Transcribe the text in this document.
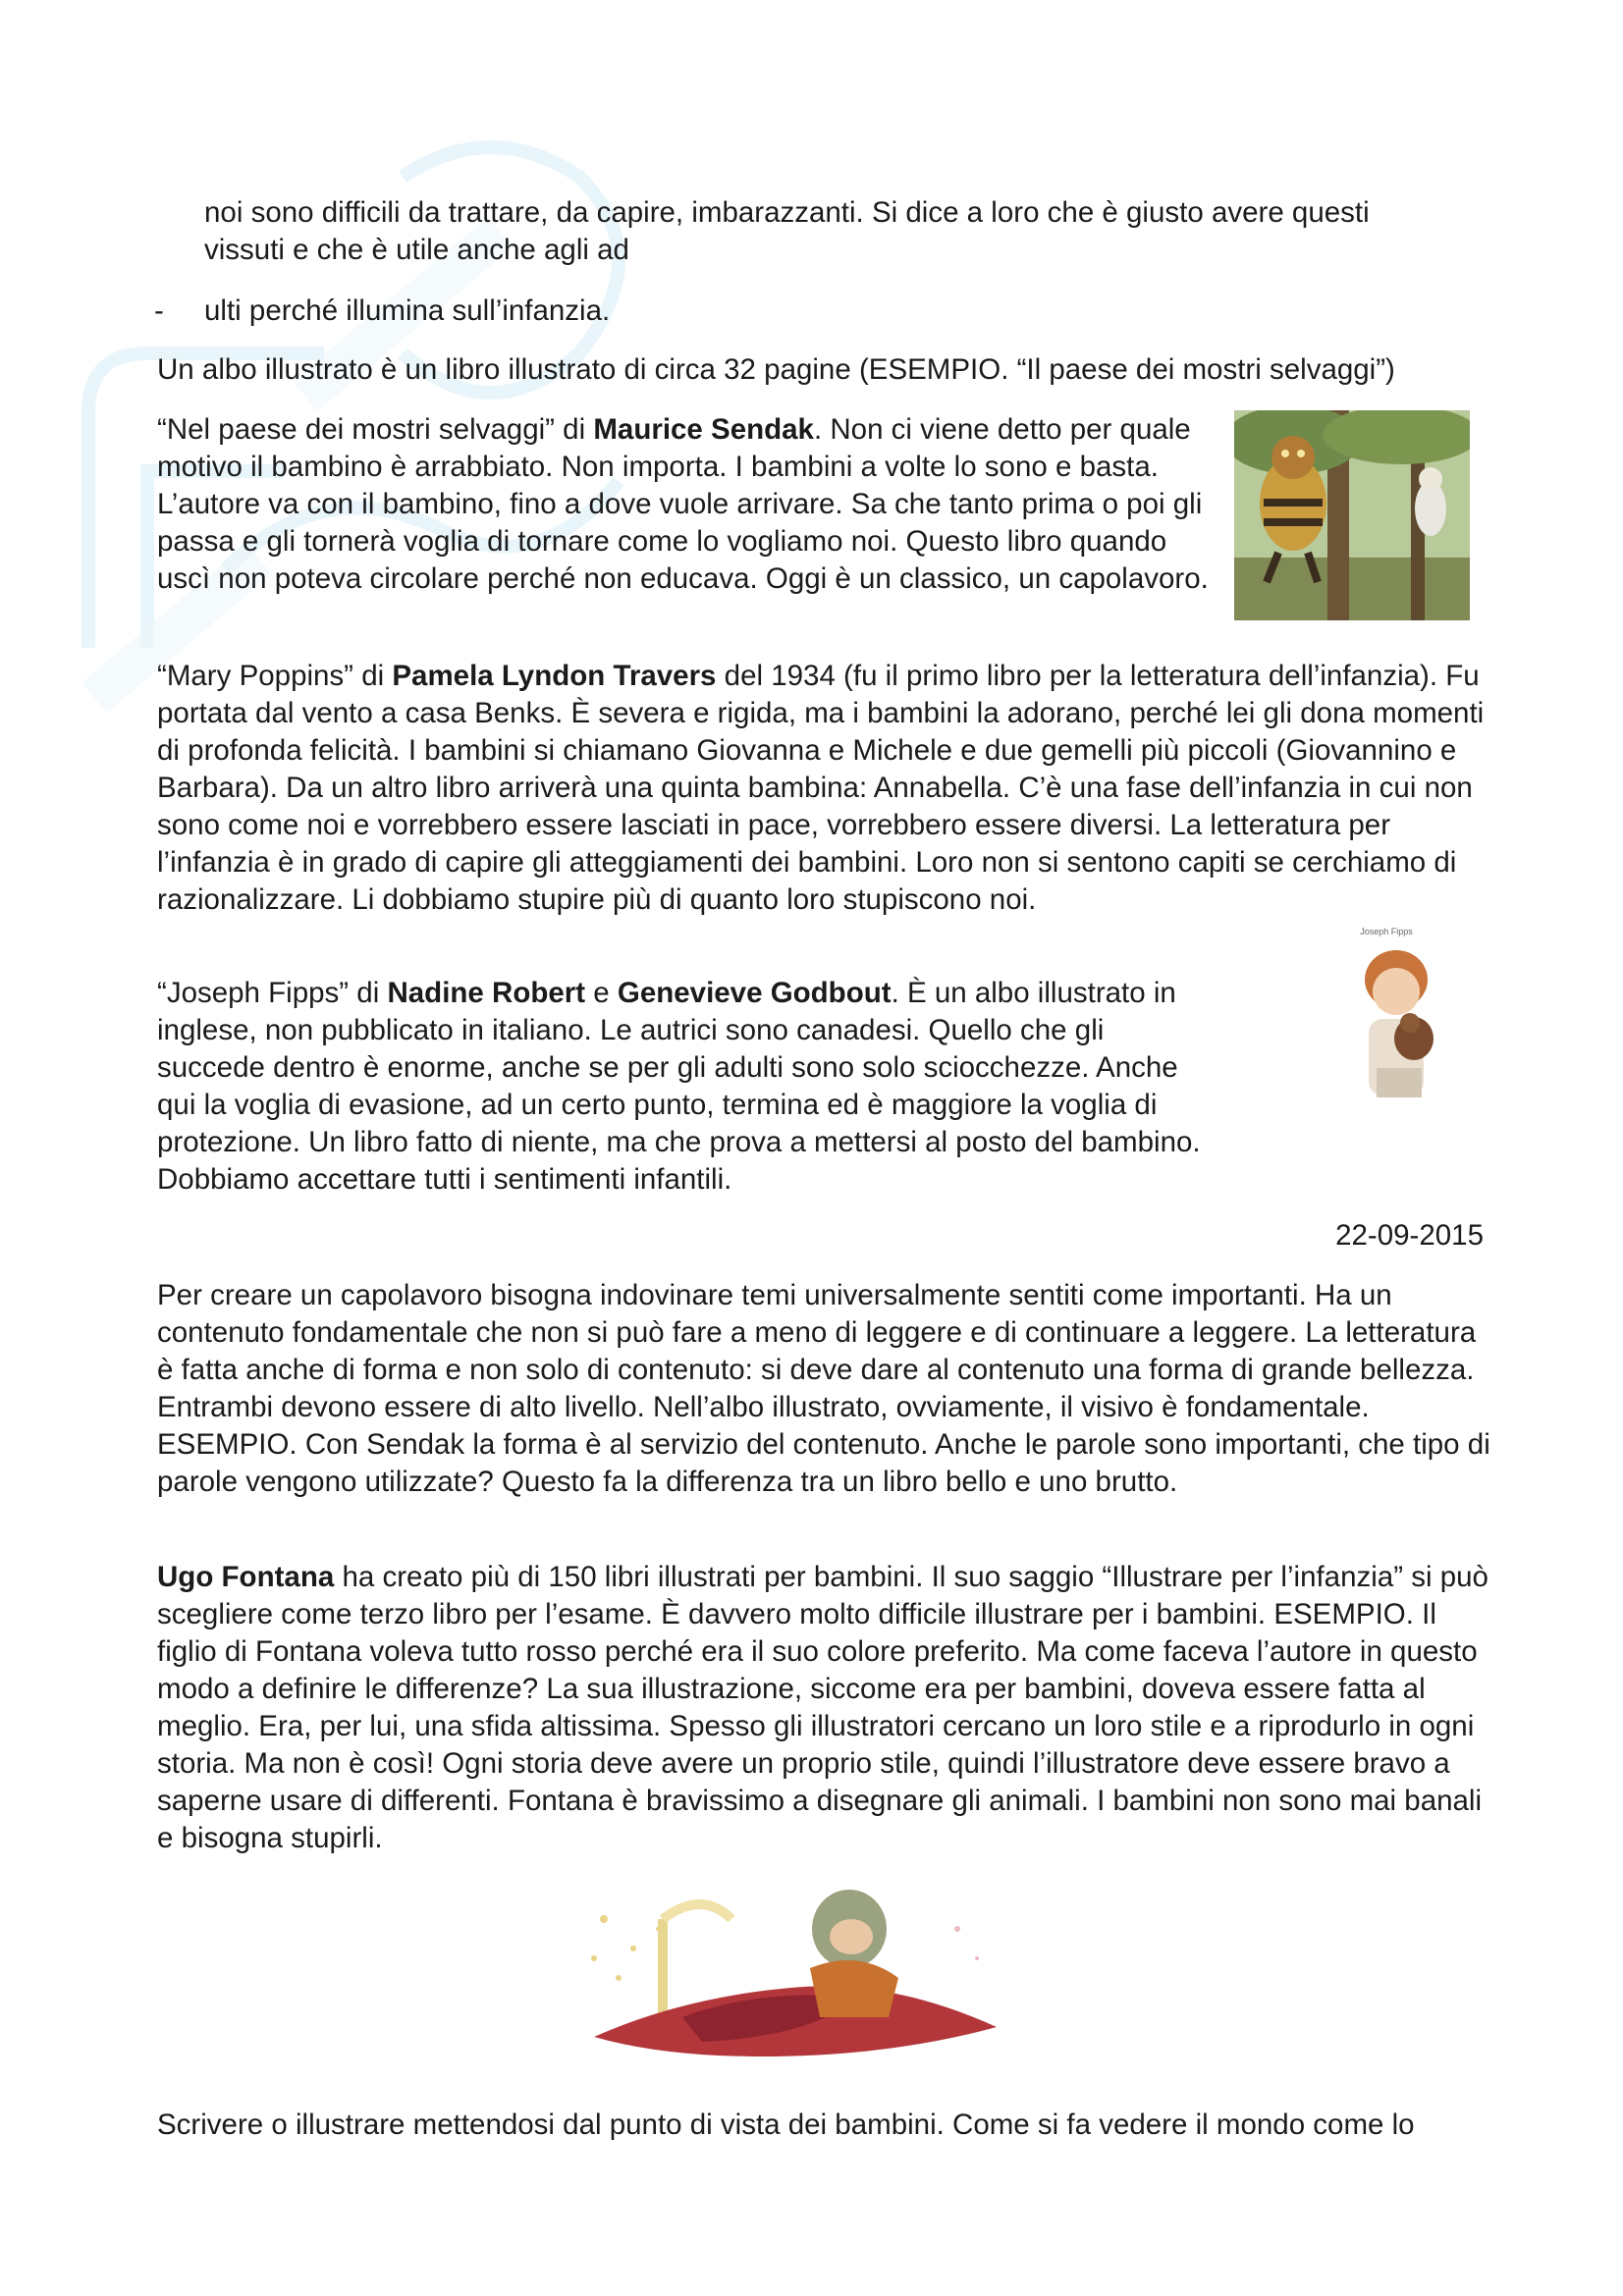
noi sono difficili da trattare, da capire, imbarazzanti. Si dice a loro che è giusto avere questi

vissuti e che è utile anche agli ad

- ulti perché illumina sull’infanzia.

Un albo illustrato è un libro illustrato di circa 32 pagine (ESEMPIO. “Il paese dei mostri selvaggi”)

“Nel paese dei mostri selvaggi” di Maurice Sendak. Non ci viene detto per quale motivo il bambino è arrabbiato. Non importa. I bambini a volte lo sono e basta. L’autore va con il bambino, fino a dove vuole arrivare. Sa che tanto prima o poi gli passa e gli tornerà voglia di tornare come lo vogliamo noi. Questo libro quando uscì non poteva circolare perché non educava. Oggi è un classico, un capolavoro.

“Mary Poppins” di Pamela Lyndon Travers del 1934 (fu il primo libro per la letteratura dell’infanzia). Fu portata dal vento a casa Benks. È severa e rigida, ma i bambini la adorano, perché lei gli dona momenti di profonda felicità. I bambini si chiamano Giovanna e Michele e due gemelli più piccoli (Giovannino e Barbara). Da un altro libro arriverà una quinta bambina: Annabella. C’è una fase dell’infanzia in cui non sono come noi e vorrebbero essere lasciati in pace, vorrebbero essere diversi. La letteratura per l’infanzia è in grado di capire gli atteggiamenti dei bambini. Loro non si sentono capiti se cerchiamo di razionalizzare. Li dobbiamo stupire più di quanto loro stupiscono noi.

Joseph Fipps

“Joseph Fipps” di Nadine Robert e Genevieve Godbout. È un albo illustrato in inglese, non pubblicato in italiano. Le autrici sono canadesi. Quello che gli succede dentro è enorme, anche se per gli adulti sono solo sciocchezze. Anche qui la voglia di evasione, ad un certo punto, termina ed è maggiore la voglia di protezione. Un libro fatto di niente, ma che prova a mettersi al posto del bambino. Dobbiamo accettare tutti i sentimenti infantili.

22-09-2015

Per creare un capolavoro bisogna indovinare temi universalmente sentiti come importanti. Ha un contenuto fondamentale che non si può fare a meno di leggere e di continuare a leggere. La letteratura è fatta anche di forma e non solo di contenuto: si deve dare al contenuto una forma di grande bellezza. Entrambi devono essere di alto livello. Nell’albo illustrato, ovviamente, il visivo è fondamentale. ESEMPIO. Con Sendak la forma è al servizio del contenuto. Anche le parole sono importanti, che tipo di parole vengono utilizzate? Questo fa la differenza tra un libro bello e uno brutto.

Ugo Fontana ha creato più di 150 libri illustrati per bambini. Il suo saggio “Illustrare per l’infanzia” si può scegliere come terzo libro per l’esame. È davvero molto difficile illustrare per i bambini. ESEMPIO. Il figlio di Fontana voleva tutto rosso perché era il suo colore preferito. Ma come faceva l’autore in questo modo a definire le differenze? La sua illustrazione, siccome era per bambini, doveva essere fatta al meglio. Era, per lui, una sfida altissima. Spesso gli illustratori cercano un loro stile e a riprodurlo in ogni storia. Ma non è così! Ogni storia deve avere un proprio stile, quindi l’illustratore deve essere bravo a saperne usare di differenti. Fontana è bravissimo a disegnare gli animali. I bambini non sono mai banali e bisogna stupirli.

Scrivere o illustrare mettendosi dal punto di vista dei bambini. Come si fa vedere il mondo come lo
